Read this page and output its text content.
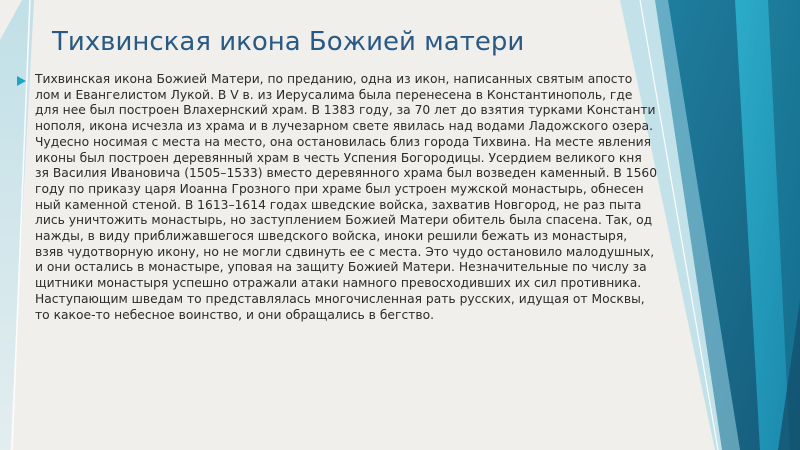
Тихвинская икона Божией матери
Тихвинская икона Божией Матери, по преданию, одна из икон, написанных святым апосто
лом и Евангелистом Лукой. В V в. из Иерусалима была перенесена в Константинополь, где
для нее был построен Влахернский храм. В 1383 году, за 70 лет до взятия турками Константи
нополя, икона исчезла из храма и в лучезарном свете явилась над водами Ладожского озера.
Чудесно носимая с места на место, она остановилась близ города Тихвина. На месте явления
иконы был построен деревянный храм в честь Успения Богородицы. Усердием великого кня
зя Василия Ивановича (1505–1533) вместо деревянного храма был возведен каменный. В 1560
году по приказу царя Иоанна Грозного при храме был устроен мужской монастырь, обнесен
ный каменной стеной. В 1613–1614 годах шведские войска, захватив Новгород, не раз пыта
лись уничтожить монастырь, но заступлением Божией Матери обитель была спасена. Так, од
нажды, в виду приближавшегося шведского войска, иноки решили бежать из монастыря,
взяв чудотворную икону, но не могли сдвинуть ее с места. Это чудо остановило малодушных,
и они остались в монастыре, уповая на защиту Божией Матери. Незначительные по числу за
щитники монастыря успешно отражали атаки намного превосходивших их сил противника.
Наступающим шведам то представлялась многочисленная рать русских, идущая от Москвы,
то какое-то небесное воинство, и они обращались в бегство.
